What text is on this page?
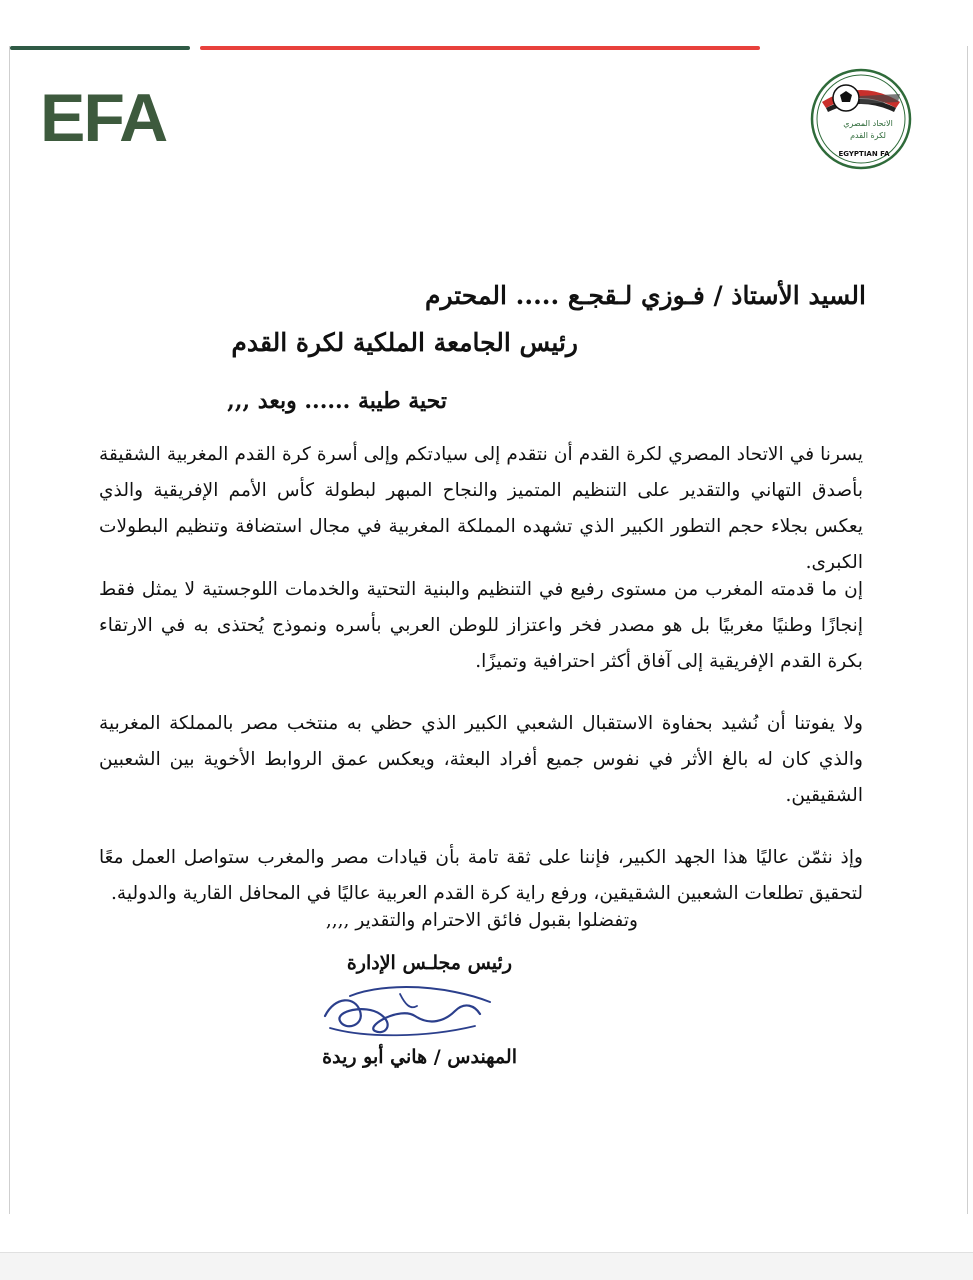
EFA	الاتحاد المصري
لكرة القدم
EGYPTIAN FA
السيد الأستاذ / فـوزي لـقجـع ..... المحترم
رئيس الجامعة الملكية لكرة القدم
تحية طيبة ...... وبعد ,,,
يسرنا في الاتحاد المصري لكرة القدم أن نتقدم إلى سيادتكم وإلى أسرة كرة القدم المغربية الشقيقة بأصدق التهاني والتقدير على التنظيم المتميز والنجاح المبهر لبطولة كأس الأمم الإفريقية والذي يعكس بجلاء حجم التطور الكبير الذي تشهده المملكة المغربية في مجال استضافة وتنظيم البطولات الكبرى.
إن ما قدمته المغرب من مستوى رفيع في التنظيم والبنية التحتية والخدمات اللوجستية لا يمثل فقط إنجازًا وطنيًا مغربيًا بل هو مصدر فخر واعتزاز للوطن العربي بأسره ونموذج يُحتذى به في الارتقاء بكرة القدم الإفريقية إلى آفاق أكثر احترافية وتميزًا.
ولا يفوتنا أن نُشيد بحفاوة الاستقبال الشعبي الكبير الذي حظي به منتخب مصر بالمملكة المغربية والذي كان له بالغ الأثر في نفوس جميع أفراد البعثة، ويعكس عمق الروابط الأخوية بين الشعبين الشقيقين.
وإذ نثمّن عاليًا هذا الجهد الكبير، فإننا على ثقة تامة بأن قيادات مصر والمغرب ستواصل العمل معًا لتحقيق تطلعات الشعبين الشقيقين، ورفع راية كرة القدم العربية عاليًا في المحافل القارية والدولية.
وتفضلوا بقبول فائق الاحترام والتقدير ,,,,
رئيس مجلـس الإدارة
المهندس / هاني أبو ريدة
